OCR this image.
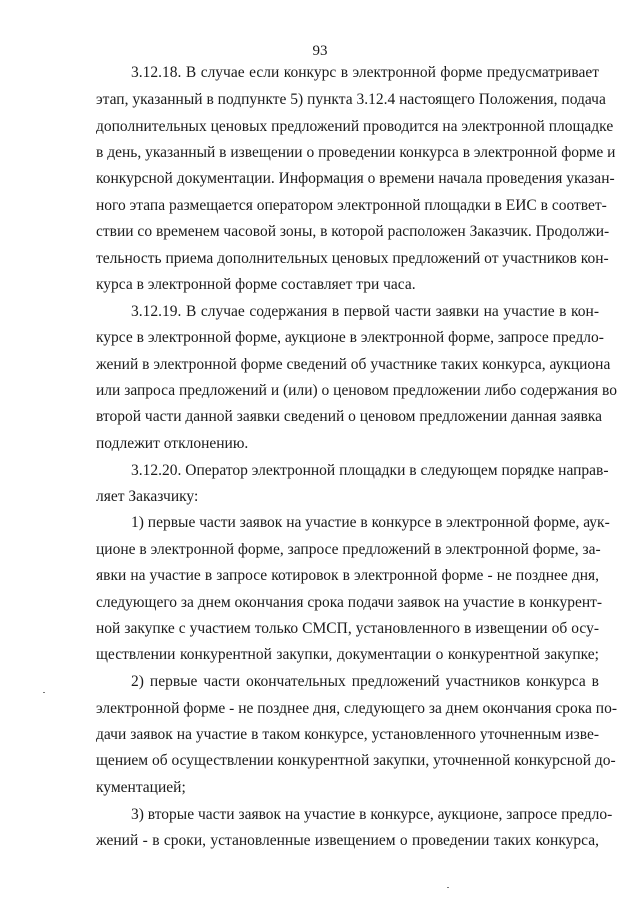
93
3.12.18. В случае если конкурс в электронной форме предусматривает
этап, указанный в подпункте 5) пункта 3.12.4 настоящего Положения, подача
дополнительных ценовых предложений проводится на электронной площадке
в день, указанный в извещении о проведении конкурса в электронной форме и
конкурсной документации. Информация о времени начала проведения указан-
ного этапа размещается оператором электронной площадки в ЕИС в соответ-
ствии со временем часовой зоны, в которой расположен Заказчик. Продолжи-
тельность приема дополнительных ценовых предложений от участников кон-
курса в электронной форме составляет три часа.
3.12.19. В случае содержания в первой части заявки на участие в кон-
курсе в электронной форме, аукционе в электронной форме, запросе предло-
жений в электронной форме сведений об участнике таких конкурса, аукциона
или запроса предложений и (или) о ценовом предложении либо содержания во
второй части данной заявки сведений о ценовом предложении данная заявка
подлежит отклонению.
3.12.20. Оператор электронной площадки в следующем порядке направ-
ляет Заказчику:
1) первые части заявок на участие в конкурсе в электронной форме, аук-
ционе в электронной форме, запросе предложений в электронной форме, за-
явки на участие в запросе котировок в электронной форме - не позднее дня,
следующего за днем окончания срока подачи заявок на участие в конкурент-
ной закупке с участием только СМСП, установленного в извещении об осу-
ществлении конкурентной закупки, документации о конкурентной закупке;
2) первые части окончательных предложений участников конкурса в
электронной форме - не позднее дня, следующего за днем окончания срока по-
дачи заявок на участие в таком конкурсе, установленного уточненным изве-
щением об осуществлении конкурентной закупки, уточненной конкурсной до-
кументацией;
3) вторые части заявок на участие в конкурсе, аукционе, запросе предло-
жений - в сроки, установленные извещением о проведении таких конкурса,
